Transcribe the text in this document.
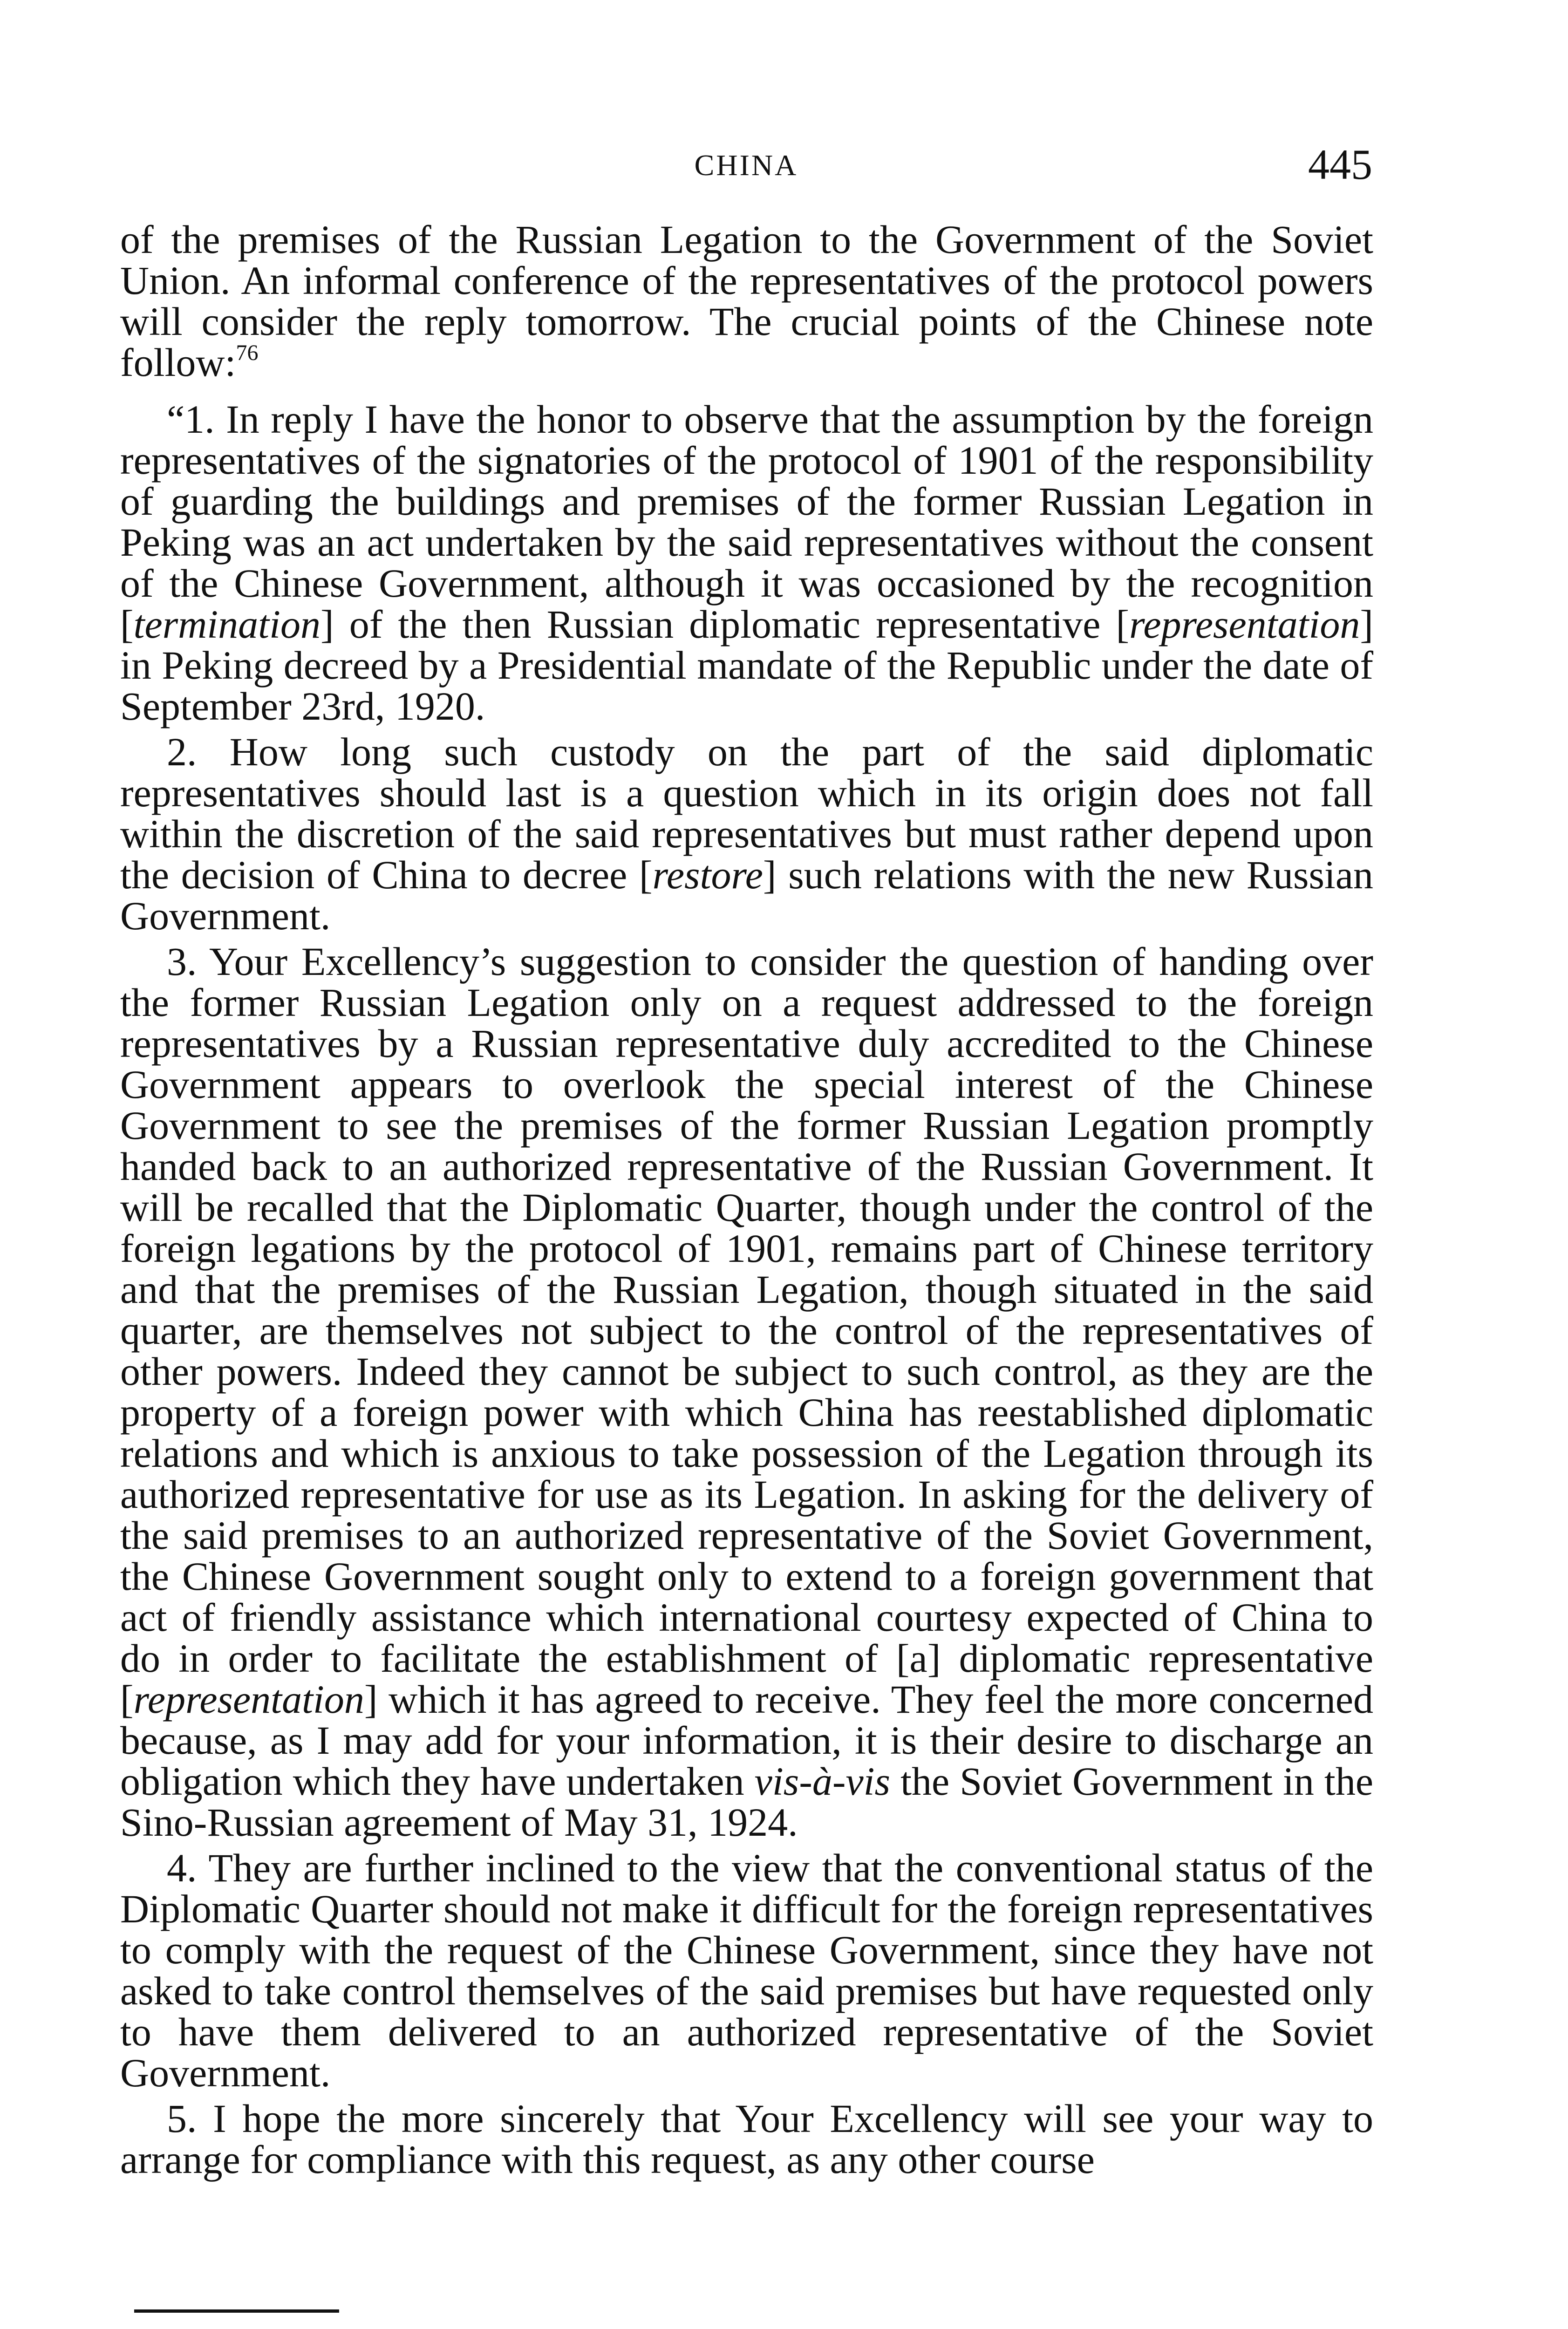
CHINA	445

of the premises of the Russian Legation to the Government of the Soviet Union. An informal conference of the representatives of the protocol powers will consider the reply tomorrow. The crucial points of the Chinese note follow:$^{76}$

“1. In reply I have the honor to observe that the assumption by the foreign representatives of the signatories of the protocol of 1901 of the responsibility of guarding the buildings and premises of the former Russian Legation in Peking was an act undertaken by the said representatives without the consent of the Chinese Government, although it was occasioned by the recognition [termination] of the then Russian diplomatic representative [representation] in Peking decreed by a Presidential mandate of the Republic under the date of September 23rd, 1920.

2. How long such custody on the part of the said diplomatic representatives should last is a question which in its origin does not fall within the discretion of the said representatives but must rather depend upon the decision of China to decree [restore] such relations with the new Russian Government.

3. Your Excellency’s suggestion to consider the question of handing over the former Russian Legation only on a request addressed to the foreign representatives by a Russian representative duly accredited to the Chinese Government appears to overlook the special interest of the Chinese Government to see the premises of the former Russian Legation promptly handed back to an authorized representative of the Russian Government. It will be recalled that the Diplomatic Quarter, though under the control of the foreign legations by the protocol of 1901, remains part of Chinese territory and that the premises of the Russian Legation, though situated in the said quarter, are themselves not subject to the control of the representatives of other powers. Indeed they cannot be subject to such control, as they are the property of a foreign power with which China has reestablished diplomatic relations and which is anxious to take possession of the Legation through its authorized representative for use as its Legation. In asking for the delivery of the said premises to an authorized representative of the Soviet Government, the Chinese Government sought only to extend to a foreign government that act of friendly assistance which international courtesy expected of China to do in order to facilitate the establishment of [a] diplomatic representative [representation] which it has agreed to receive. They feel the more concerned because, as I may add for your information, it is their desire to discharge an obligation which they have undertaken vis-à-vis the Soviet Government in the Sino-Russian agreement of May 31, 1924.

4. They are further inclined to the view that the conventional status of the Diplomatic Quarter should not make it difficult for the foreign representatives to comply with the request of the Chinese Government, since they have not asked to take control themselves of the said premises but have requested only to have them delivered to an authorized representative of the Soviet Government.

5. I hope the more sincerely that Your Excellency will see your way to arrange for compliance with this request, as any other course
